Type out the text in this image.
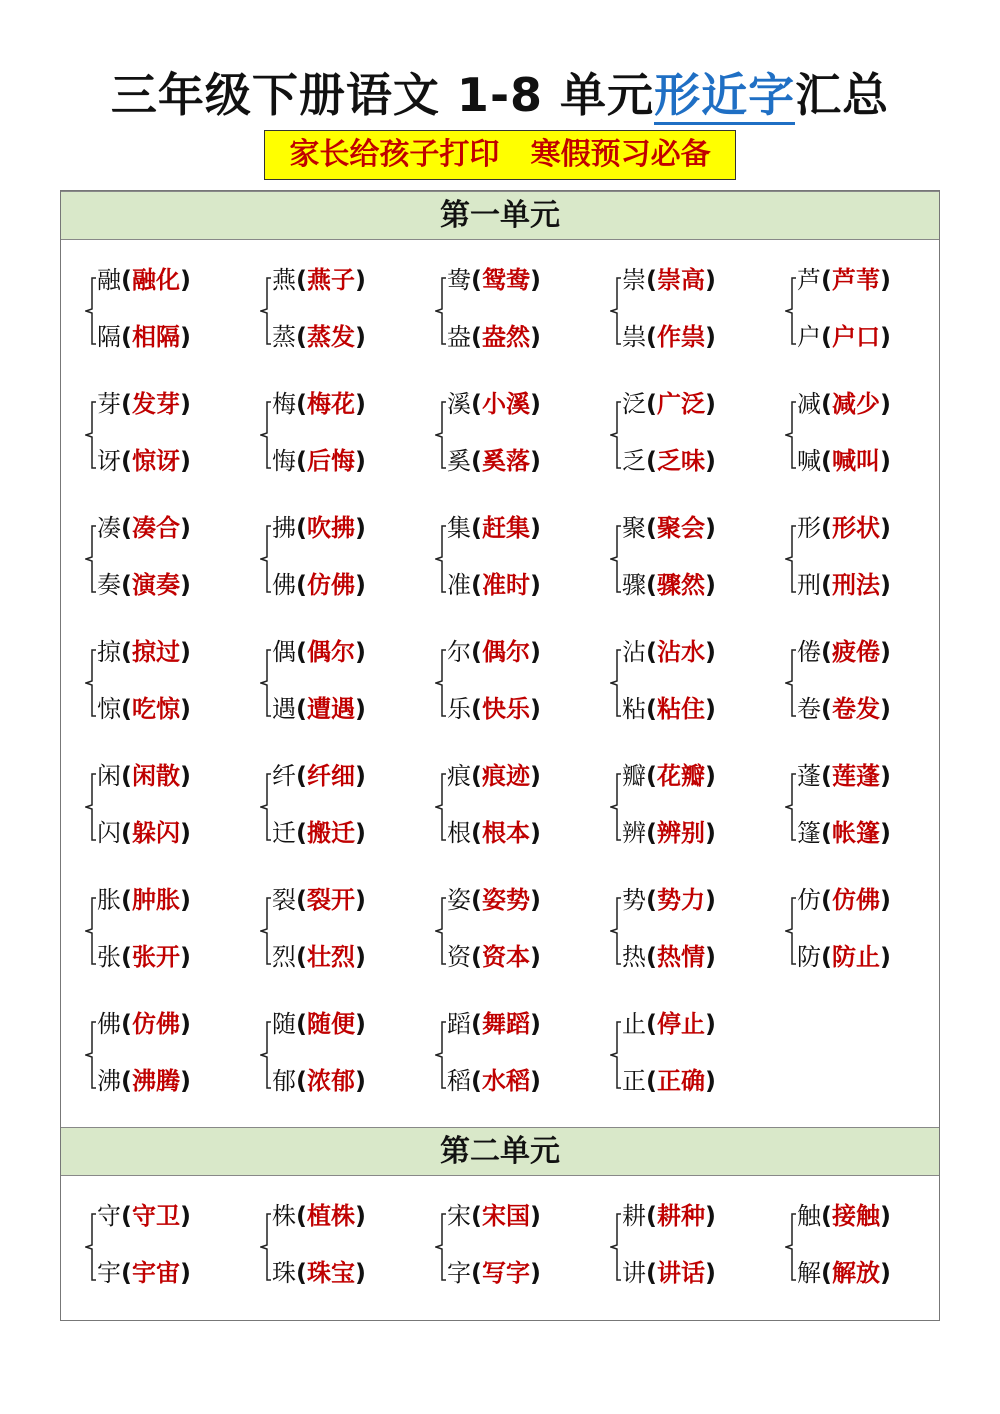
三年级下册语文 1-8 单元形近字汇总
家长给孩子打印   寒假预习必备
第一单元
第二单元
融(融化)
隔(相隔)
燕(燕子)
蒸(蒸发)
鸯(鸳鸯)
盎(盎然)
崇(崇高)
祟(作祟)
芦(芦苇)
户(户口)
芽(发芽)
讶(惊讶)
梅(梅花)
悔(后悔)
溪(小溪)
奚(奚落)
泛(广泛)
乏(乏味)
减(减少)
喊(喊叫)
凑(凑合)
奏(演奏)
拂(吹拂)
佛(仿佛)
集(赶集)
准(准时)
聚(聚会)
骤(骤然)
形(形状)
刑(刑法)
掠(掠过)
惊(吃惊)
偶(偶尔)
遇(遭遇)
尔(偶尔)
乐(快乐)
沾(沾水)
粘(粘住)
倦(疲倦)
卷(卷发)
闲(闲散)
闪(躲闪)
纤(纤细)
迁(搬迁)
痕(痕迹)
根(根本)
瓣(花瓣)
辨(辨别)
蓬(莲蓬)
篷(帐篷)
胀(肿胀)
张(张开)
裂(裂开)
烈(壮烈)
姿(姿势)
资(资本)
势(势力)
热(热情)
仿(仿佛)
防(防止)
佛(仿佛)
沸(沸腾)
随(随便)
郁(浓郁)
蹈(舞蹈)
稻(水稻)
止(停止)
正(正确)
守(守卫)
宇(宇宙)
株(植株)
珠(珠宝)
宋(宋国)
字(写字)
耕(耕种)
讲(讲话)
触(接触)
解(解放)
